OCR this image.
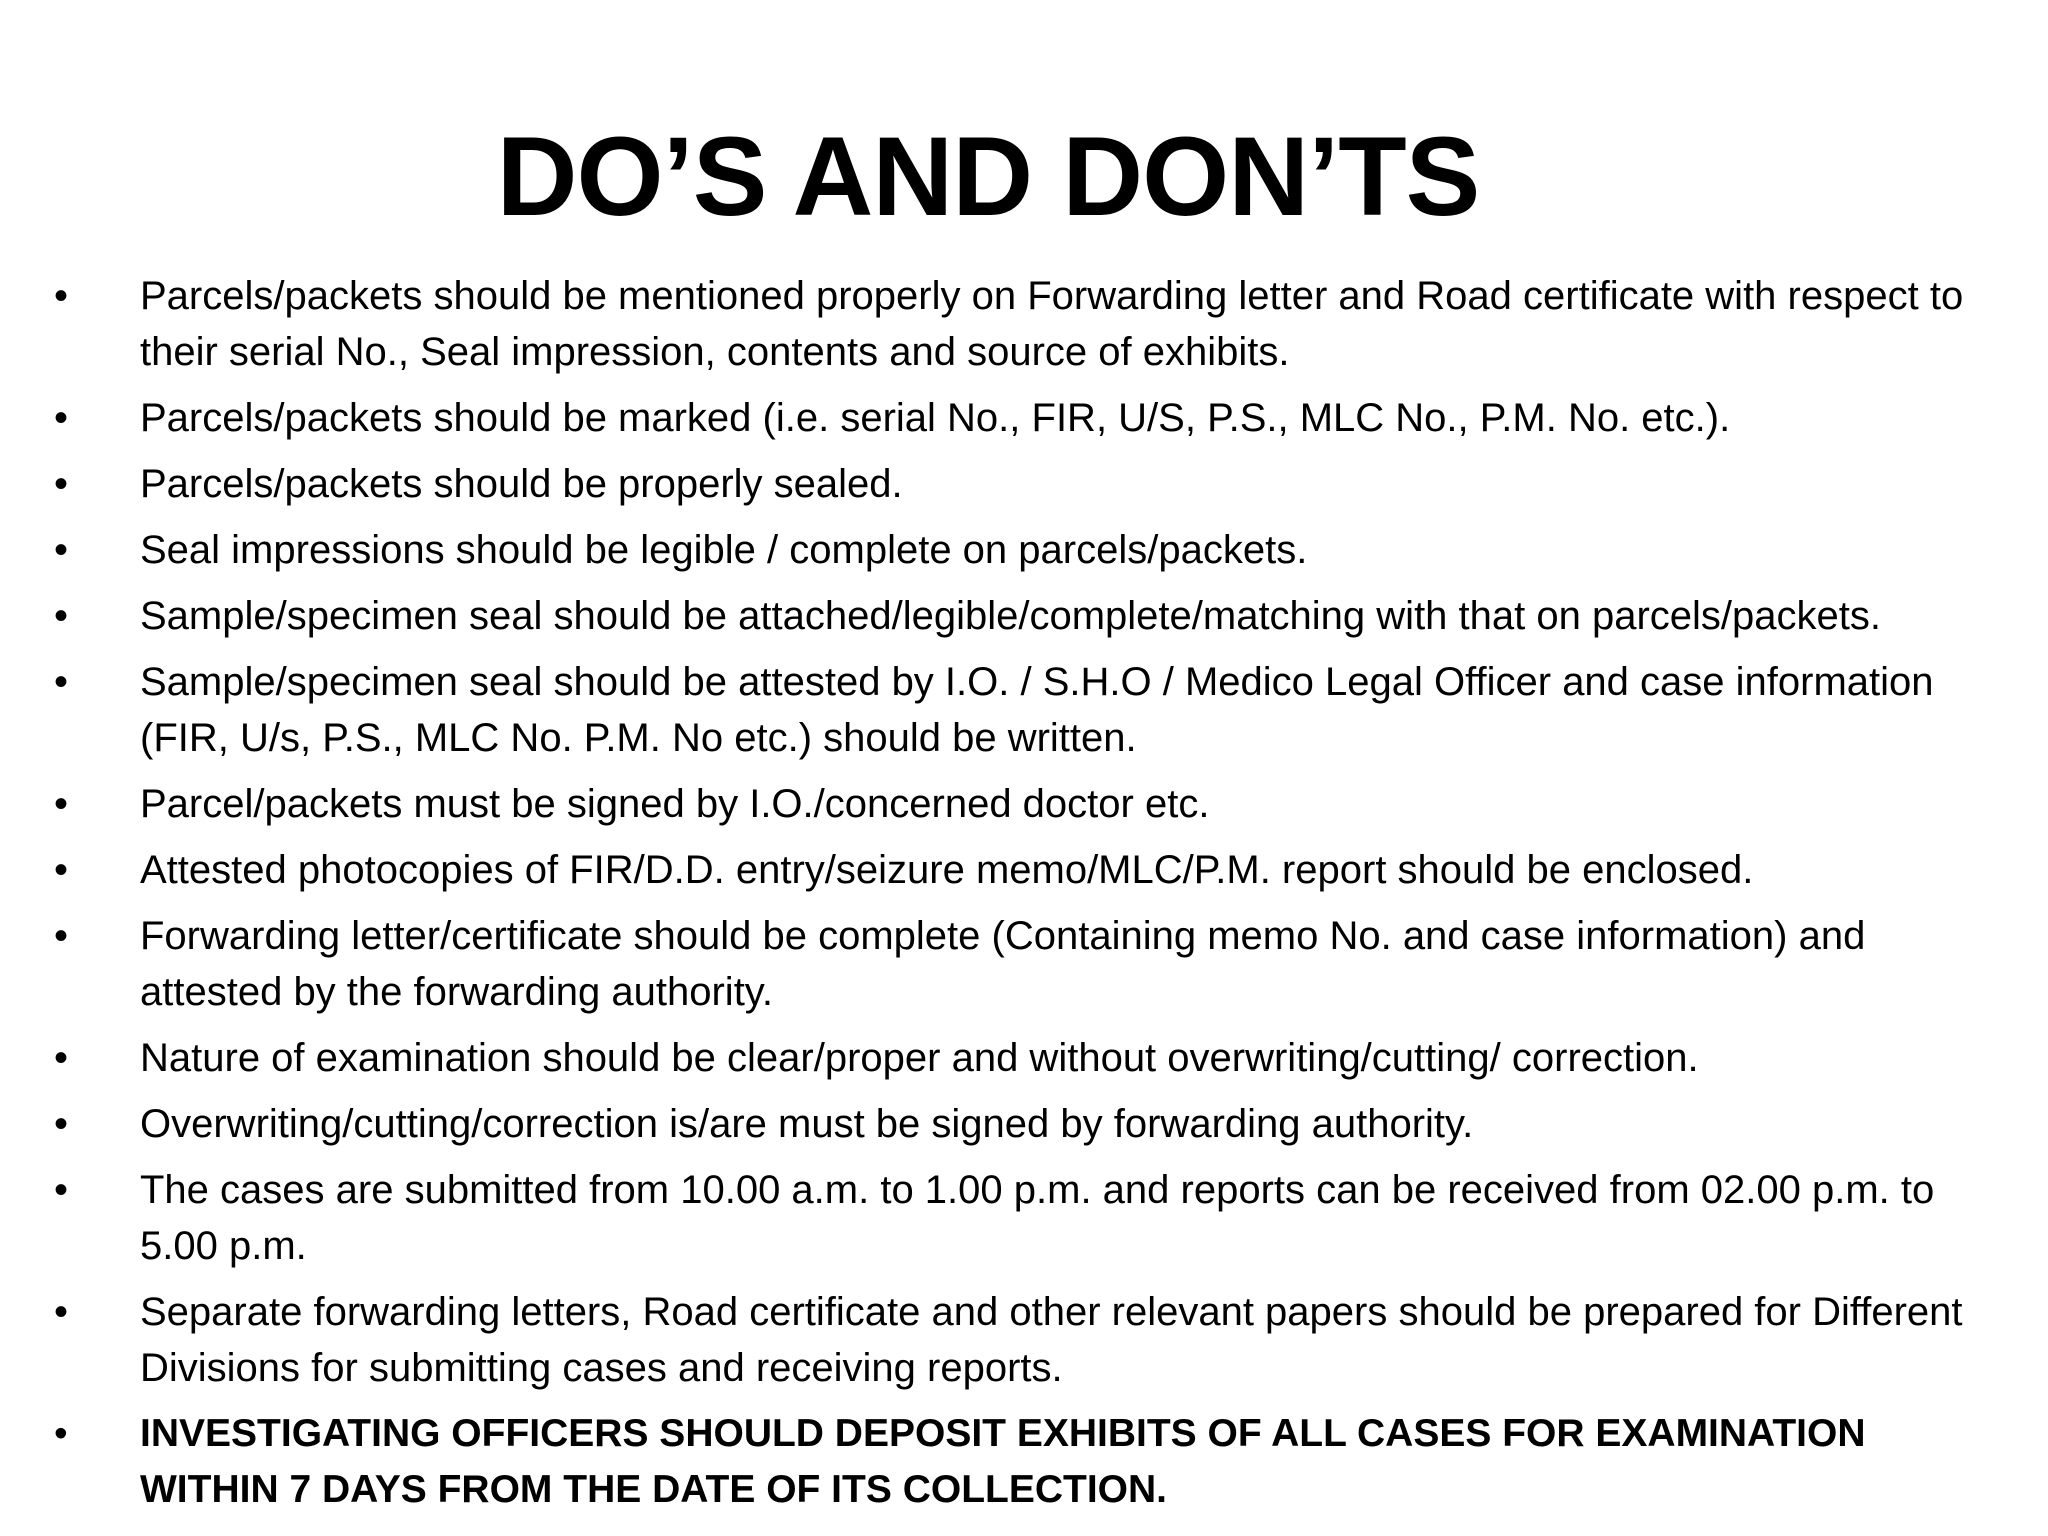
DO’S AND DON’TS
•	Parcels/packets should be mentioned properly on Forwarding letter and Road certificate with respect to their serial No., Seal impression, contents and source of exhibits.
•	Parcels/packets should be marked (i.e. serial No., FIR, U/S, P.S., MLC No., P.M. No. etc.).
•	Parcels/packets should be properly sealed.
•	Seal impressions should be legible / complete on parcels/packets.
•	Sample/specimen seal should be attached/legible/complete/matching with that on parcels/packets.
•	Sample/specimen seal should be attested by I.O. / S.H.O / Medico Legal Officer and case information (FIR, U/s, P.S., MLC No. P.M. No etc.) should be written.
•	Parcel/packets must be signed by I.O./concerned doctor etc.
•	Attested photocopies of FIR/D.D. entry/seizure memo/MLC/P.M. report should be enclosed.
•	Forwarding letter/certificate should be complete (Containing memo No. and case information) and attested by the forwarding authority.
•	Nature of examination should be clear/proper and without overwriting/cutting/ correction.
•	Overwriting/cutting/correction is/are must be signed by forwarding authority.
•	The cases are submitted from 10.00 a.m. to 1.00 p.m. and reports can be received from 02.00 p.m. to 5.00 p.m.
•	Separate forwarding letters, Road certificate and other relevant papers should be prepared for Different Divisions for submitting cases and receiving reports.
•	INVESTIGATING OFFICERS SHOULD DEPOSIT EXHIBITS OF ALL CASES FOR EXAMINATION WITHIN 7 DAYS FROM THE DATE OF ITS COLLECTION.
